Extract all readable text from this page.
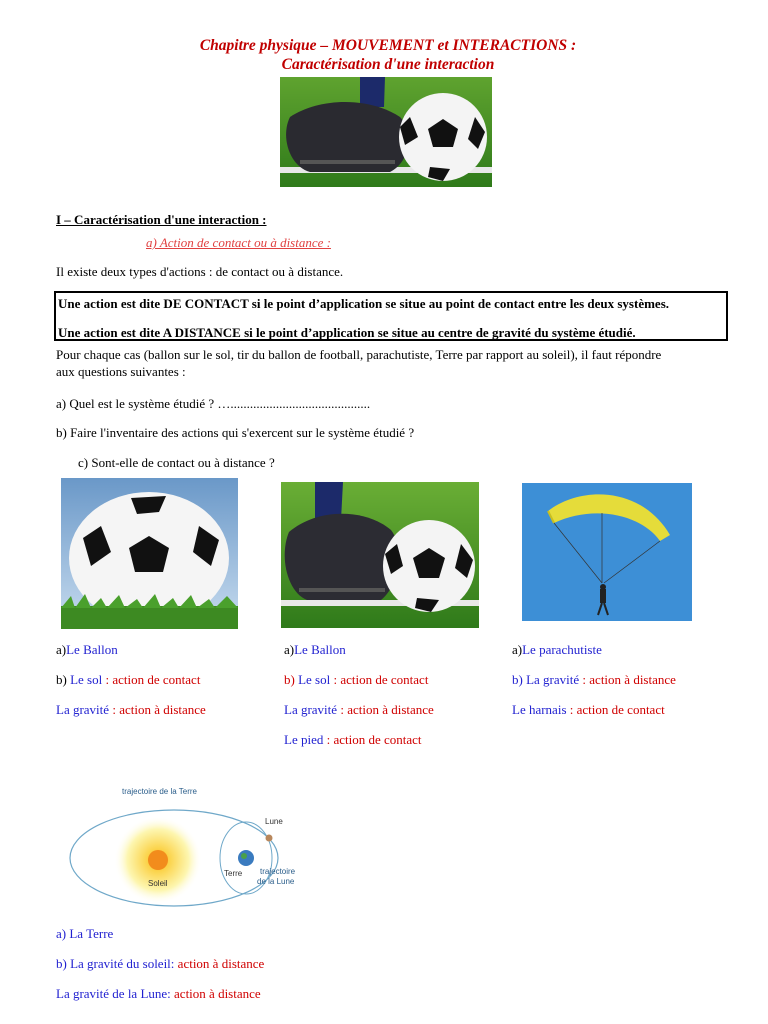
Chapitre physique – MOUVEMENT et INTERACTIONS :
Caractérisation d'une interaction
I – Caractérisation d'une interaction :
a) Action de contact ou à distance :
Il existe deux types d'actions : de contact ou à distance.
Une action est dite DE CONTACT si le point d’application se situe au point de contact entre les deux systèmes.
Une action est dite A DISTANCE si le point d’application se situe au centre de gravité du système étudié.
Pour chaque cas (ballon sur le sol, tir du ballon de football, parachutiste, Terre par rapport au soleil), il faut répondre
aux questions suivantes :
a) Quel est le système étudié ? …...........................................
b) Faire l'inventaire des actions qui s'exercent sur le système étudié ?
c) Sont-elle de contact ou à distance ?
a)Le Ballon
b) Le sol : action de contact
La gravité : action à distance
a)Le Ballon
b) Le sol : action de contact
La gravité : action à distance
Le pied : action de contact
a)Le parachutiste
b) La gravité : action à distance
Le harnais : action de contact
trajectoire de la Terre
Lune
Soleil
Terre trajectoire
de la Lune
a) La Terre
b) La gravité du soleil: action à distance
La gravité de la Lune: action à distance
